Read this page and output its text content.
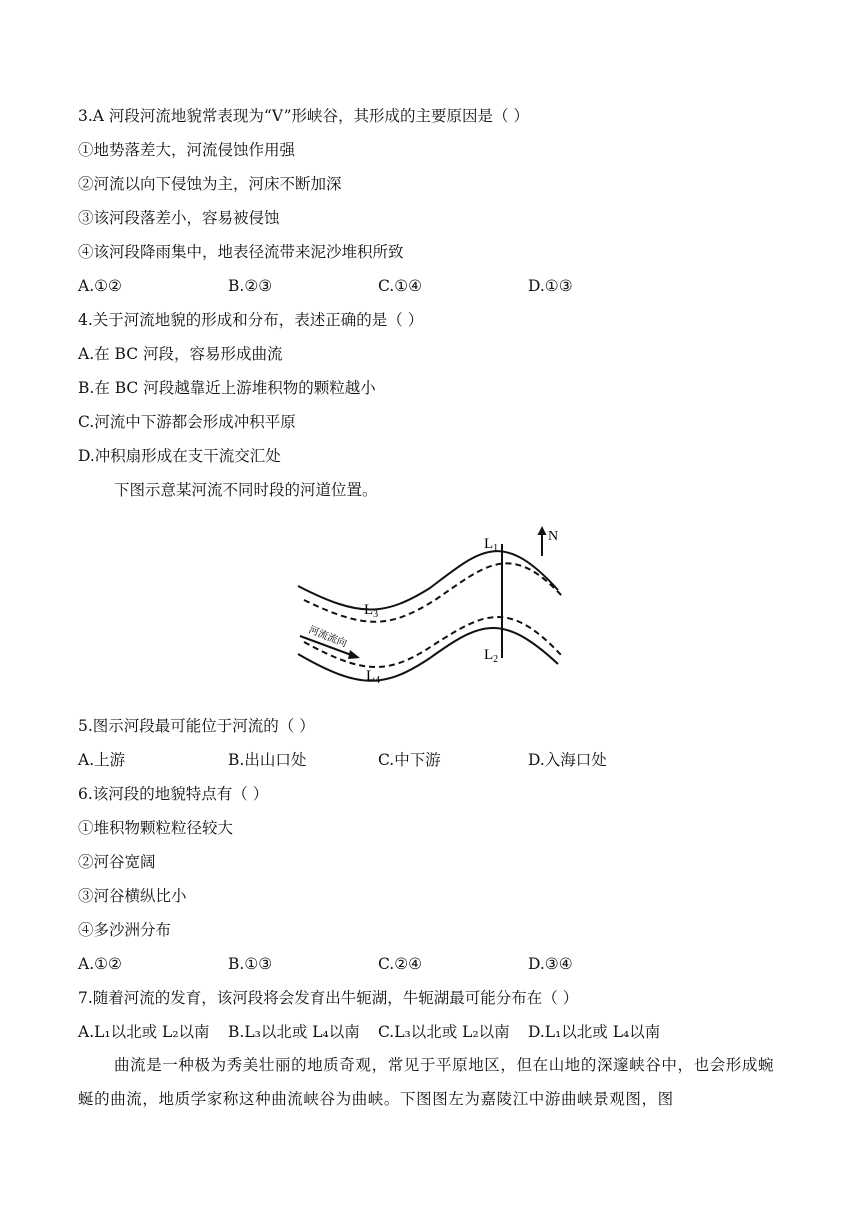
3.A 河段河流地貌常表现为“V”形峡谷，其形成的主要原因是（ ）
①地势落差大，河流侵蚀作用强
②河流以向下侵蚀为主，河床不断加深
③该河段落差小，容易被侵蚀
④该河段降雨集中，地表径流带来泥沙堆积所致
A.①②	B.②③	C.①④	D.①③
4.关于河流地貌的形成和分布，表述正确的是（ ）
A.在 BC 河段，容易形成曲流
B.在 BC 河段越靠近上游堆积物的颗粒越小
C.河流中下游都会形成冲积平原
D.冲积扇形成在支干流交汇处
下图示意某河流不同时段的河道位置。
N
$L_1$
$L_2$
$L_3$
$L_4$
河流流向
5.图示河段最可能位于河流的（ ）
A.上游	B.出山口处	C.中下游	D.入海口处
6.该河段的地貌特点有（ ）
①堆积物颗粒粒径较大
②河谷宽阔
③河谷横纵比小
④多沙洲分布
A.①②	B.①③	C.②④	D.③④
7.随着河流的发育，该河段将会发育出牛轭湖，牛轭湖最可能分布在（ ）
A.L₁以北或 L₂以南 B.L₃以北或 L₄以南 C.L₃以北或 L₂以南 D.L₁以北或 L₄以南
曲流是一种极为秀美壮丽的地质奇观，常见于平原地区，但在山地的深邃峡谷中，也会形成蜿蜒的曲流，地质学家称这种曲流峡谷为曲峡。下图图左为嘉陵江中游曲峡景观图，图
